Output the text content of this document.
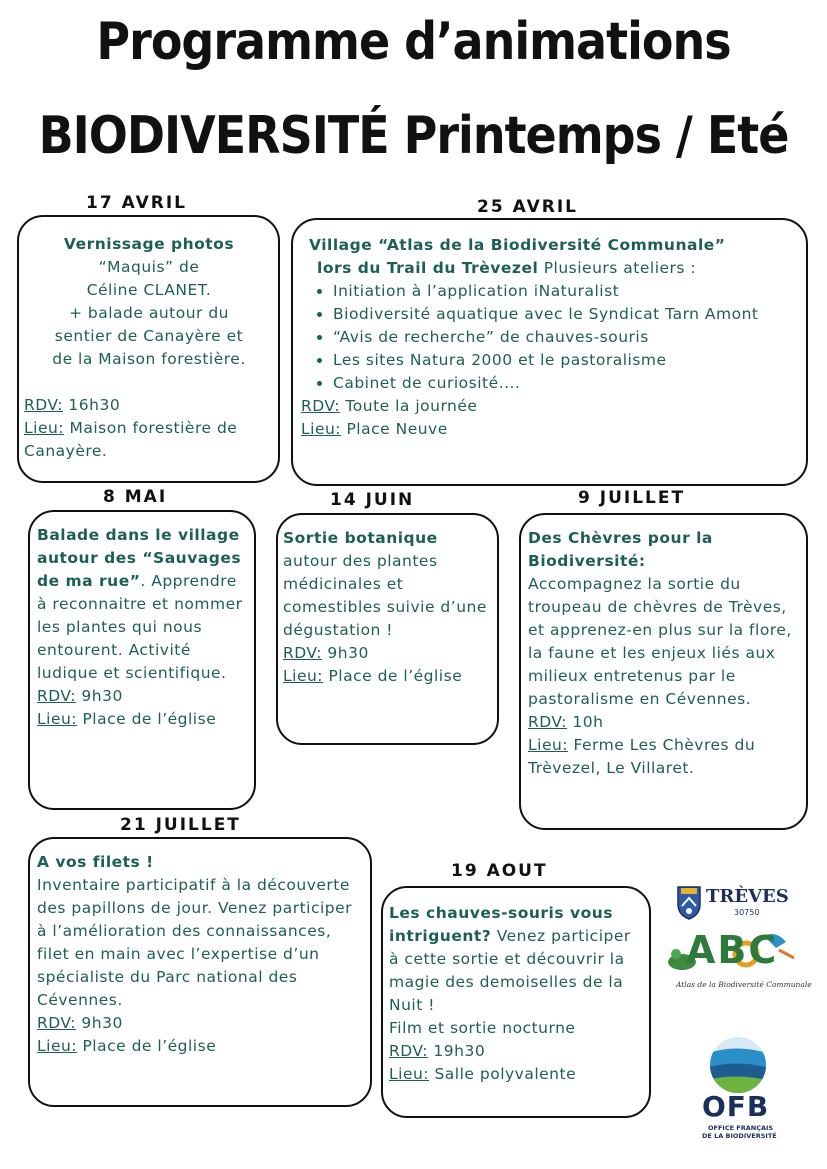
Programme d’animations
BIODIVERSITÉ Printemps / Eté
17 AVRIL
Vernissage photos
“Maquis” de
Céline CLANET.
+ balade autour du
sentier de Canayère et
de la Maison forestière.
RDV: 16h30
Lieu: Maison forestière de Canayère.
25 AVRIL
Village “Atlas de la Biodiversité Communale”
lors du Trail du Trèvezel Plusieurs ateliers :
• Initiation à l’application iNaturalist
• Biodiversité aquatique avec le Syndicat Tarn Amont
• “Avis de recherche” de chauves-souris
• Les sites Natura 2000 et le pastoralisme
• Cabinet de curiosité....
RDV: Toute la journée
Lieu: Place Neuve
8 MAI
Balade dans le village autour des “Sauvages de ma rue”. Apprendre à reconnaitre et nommer les plantes qui nous entourent. Activité ludique et scientifique.
RDV: 9h30
Lieu: Place de l’église
14 JUIN
Sortie botanique
autour des plantes médicinales et comestibles suivie d’une dégustation !
RDV: 9h30
Lieu: Place de l’église
9 JUILLET
Des Chèvres pour la Biodiversité:
Accompagnez la sortie du troupeau de chèvres de Trèves, et apprenez-en plus sur la flore, la faune et les enjeux liés aux milieux entretenus par le pastoralisme en Cévennes.
RDV: 10h
Lieu: Ferme Les Chèvres du Trèvezel, Le Villaret.
21 JUILLET
A vos filets !
Inventaire participatif à la découverte des papillons de jour. Venez participer à l’amélioration des connaissances, filet en main avec l’expertise d’un spécialiste du Parc national des Cévennes.
RDV: 9h30
Lieu: Place de l’église
19 AOUT
Les chauves-souris vous intriguent? Venez participer à cette sortie et découvrir la magie des demoiselles de la Nuit !
Film et sortie nocturne
RDV: 19h30
Lieu: Salle polyvalente
TRÈVES
30750
ABC
Atlas de la Biodiversité Communale
OFB
OFFICE FRANÇAIS
DE LA BIODIVERSITÉ
